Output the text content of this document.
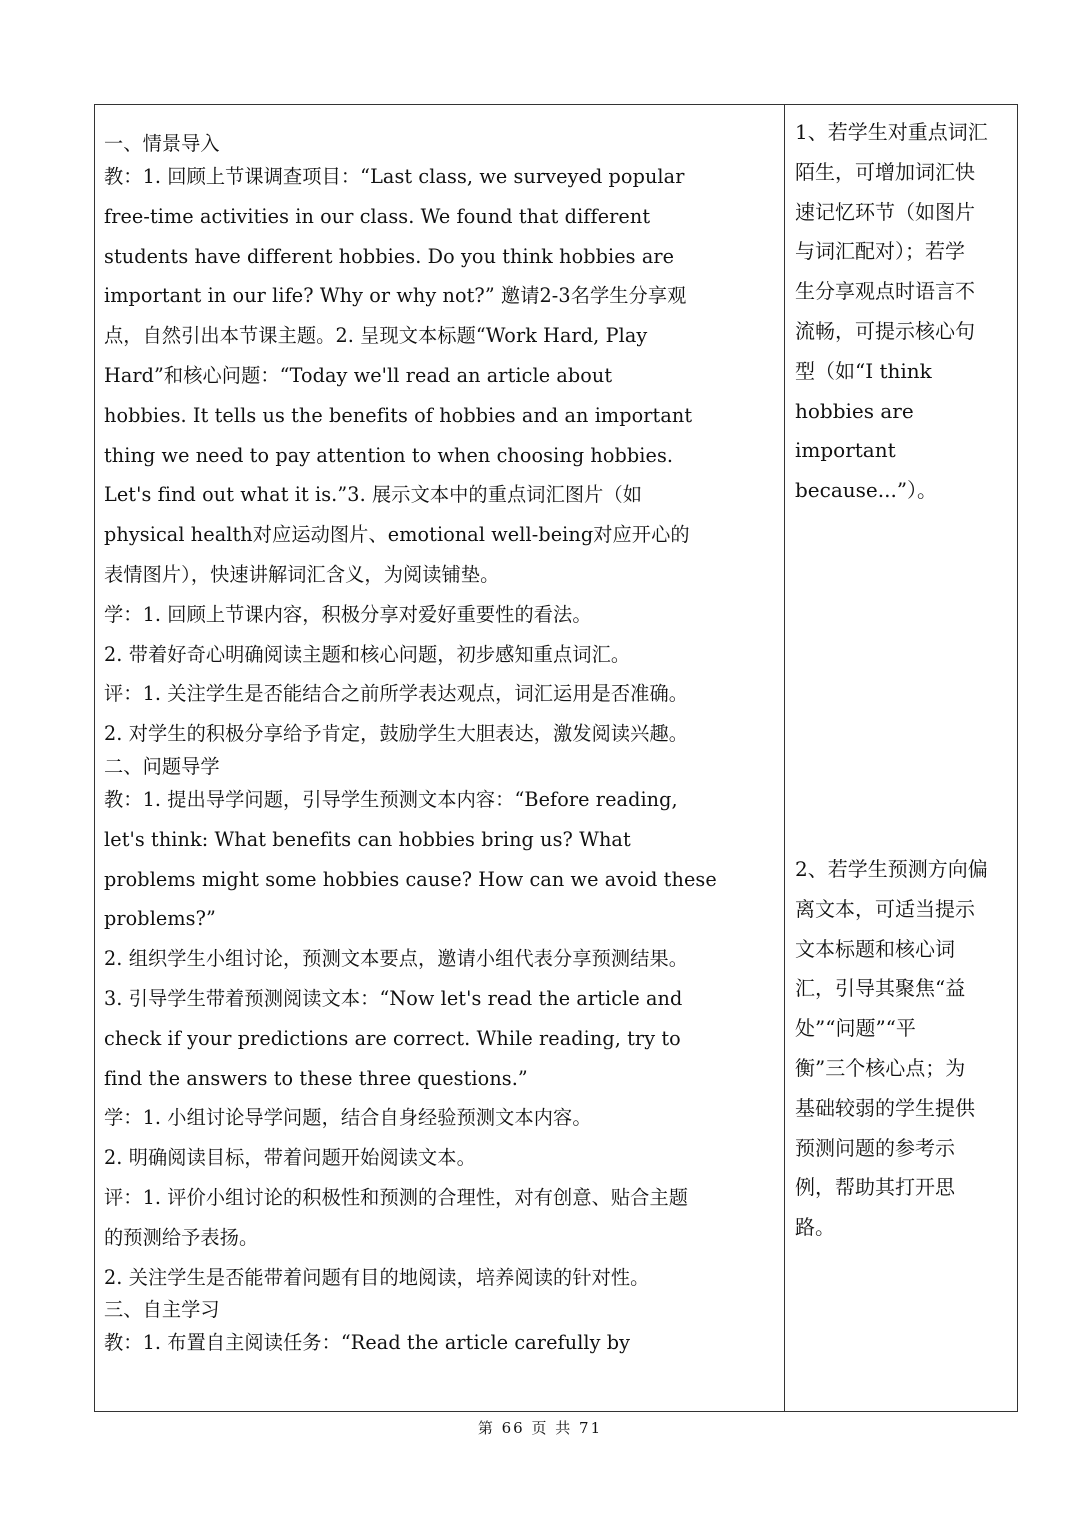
一、情景导入

教：1. 回顾上节课调查项目：“Last class, we surveyed popular

free-time activities in our class. We found that different

students have different hobbies. Do you think hobbies are

important in our life? Why or why not?” 邀请2-3名学生分享观

点，自然引出本节课主题。2. 呈现文本标题“Work Hard, Play

Hard”和核心问题：“Today we'll read an article about

hobbies. It tells us the benefits of hobbies and an important

thing we need to pay attention to when choosing hobbies.

Let's find out what it is.”3. 展示文本中的重点词汇图片（如

physical health对应运动图片、emotional well-being对应开心的

表情图片），快速讲解词汇含义，为阅读铺垫。

学：1. 回顾上节课内容，积极分享对爱好重要性的看法。

2. 带着好奇心明确阅读主题和核心问题，初步感知重点词汇。

评：1. 关注学生是否能结合之前所学表达观点，词汇运用是否准确。

2. 对学生的积极分享给予肯定，鼓励学生大胆表达，激发阅读兴趣。

二、问题导学

教：1. 提出导学问题，引导学生预测文本内容：“Before reading,

let's think: What benefits can hobbies bring us? What

problems might some hobbies cause? How can we avoid these

problems?”

2. 组织学生小组讨论，预测文本要点，邀请小组代表分享预测结果。

3. 引导学生带着预测阅读文本：“Now let's read the article and

check if your predictions are correct. While reading, try to

find the answers to these three questions.”

学：1. 小组讨论导学问题，结合自身经验预测文本内容。

2. 明确阅读目标，带着问题开始阅读文本。

评：1. 评价小组讨论的积极性和预测的合理性，对有创意、贴合主题

的预测给予表扬。

2. 关注学生是否能带着问题有目的地阅读，培养阅读的针对性。

三、自主学习

教：1. 布置自主阅读任务：“Read the article carefully by

1、若学生对重点词汇

陌生，可增加词汇快

速记忆环节（如图片

与词汇配对）；若学

生分享观点时语言不

流畅，可提示核心句

型（如“I think

hobbies are

important

because...”）。

2、若学生预测方向偏

离文本，可适当提示

文本标题和核心词

汇，引导其聚焦“益

处”“问题”“平

衡”三个核心点；为

基础较弱的学生提供

预测问题的参考示

例，帮助其打开思

路。

第 66 页 共 71
